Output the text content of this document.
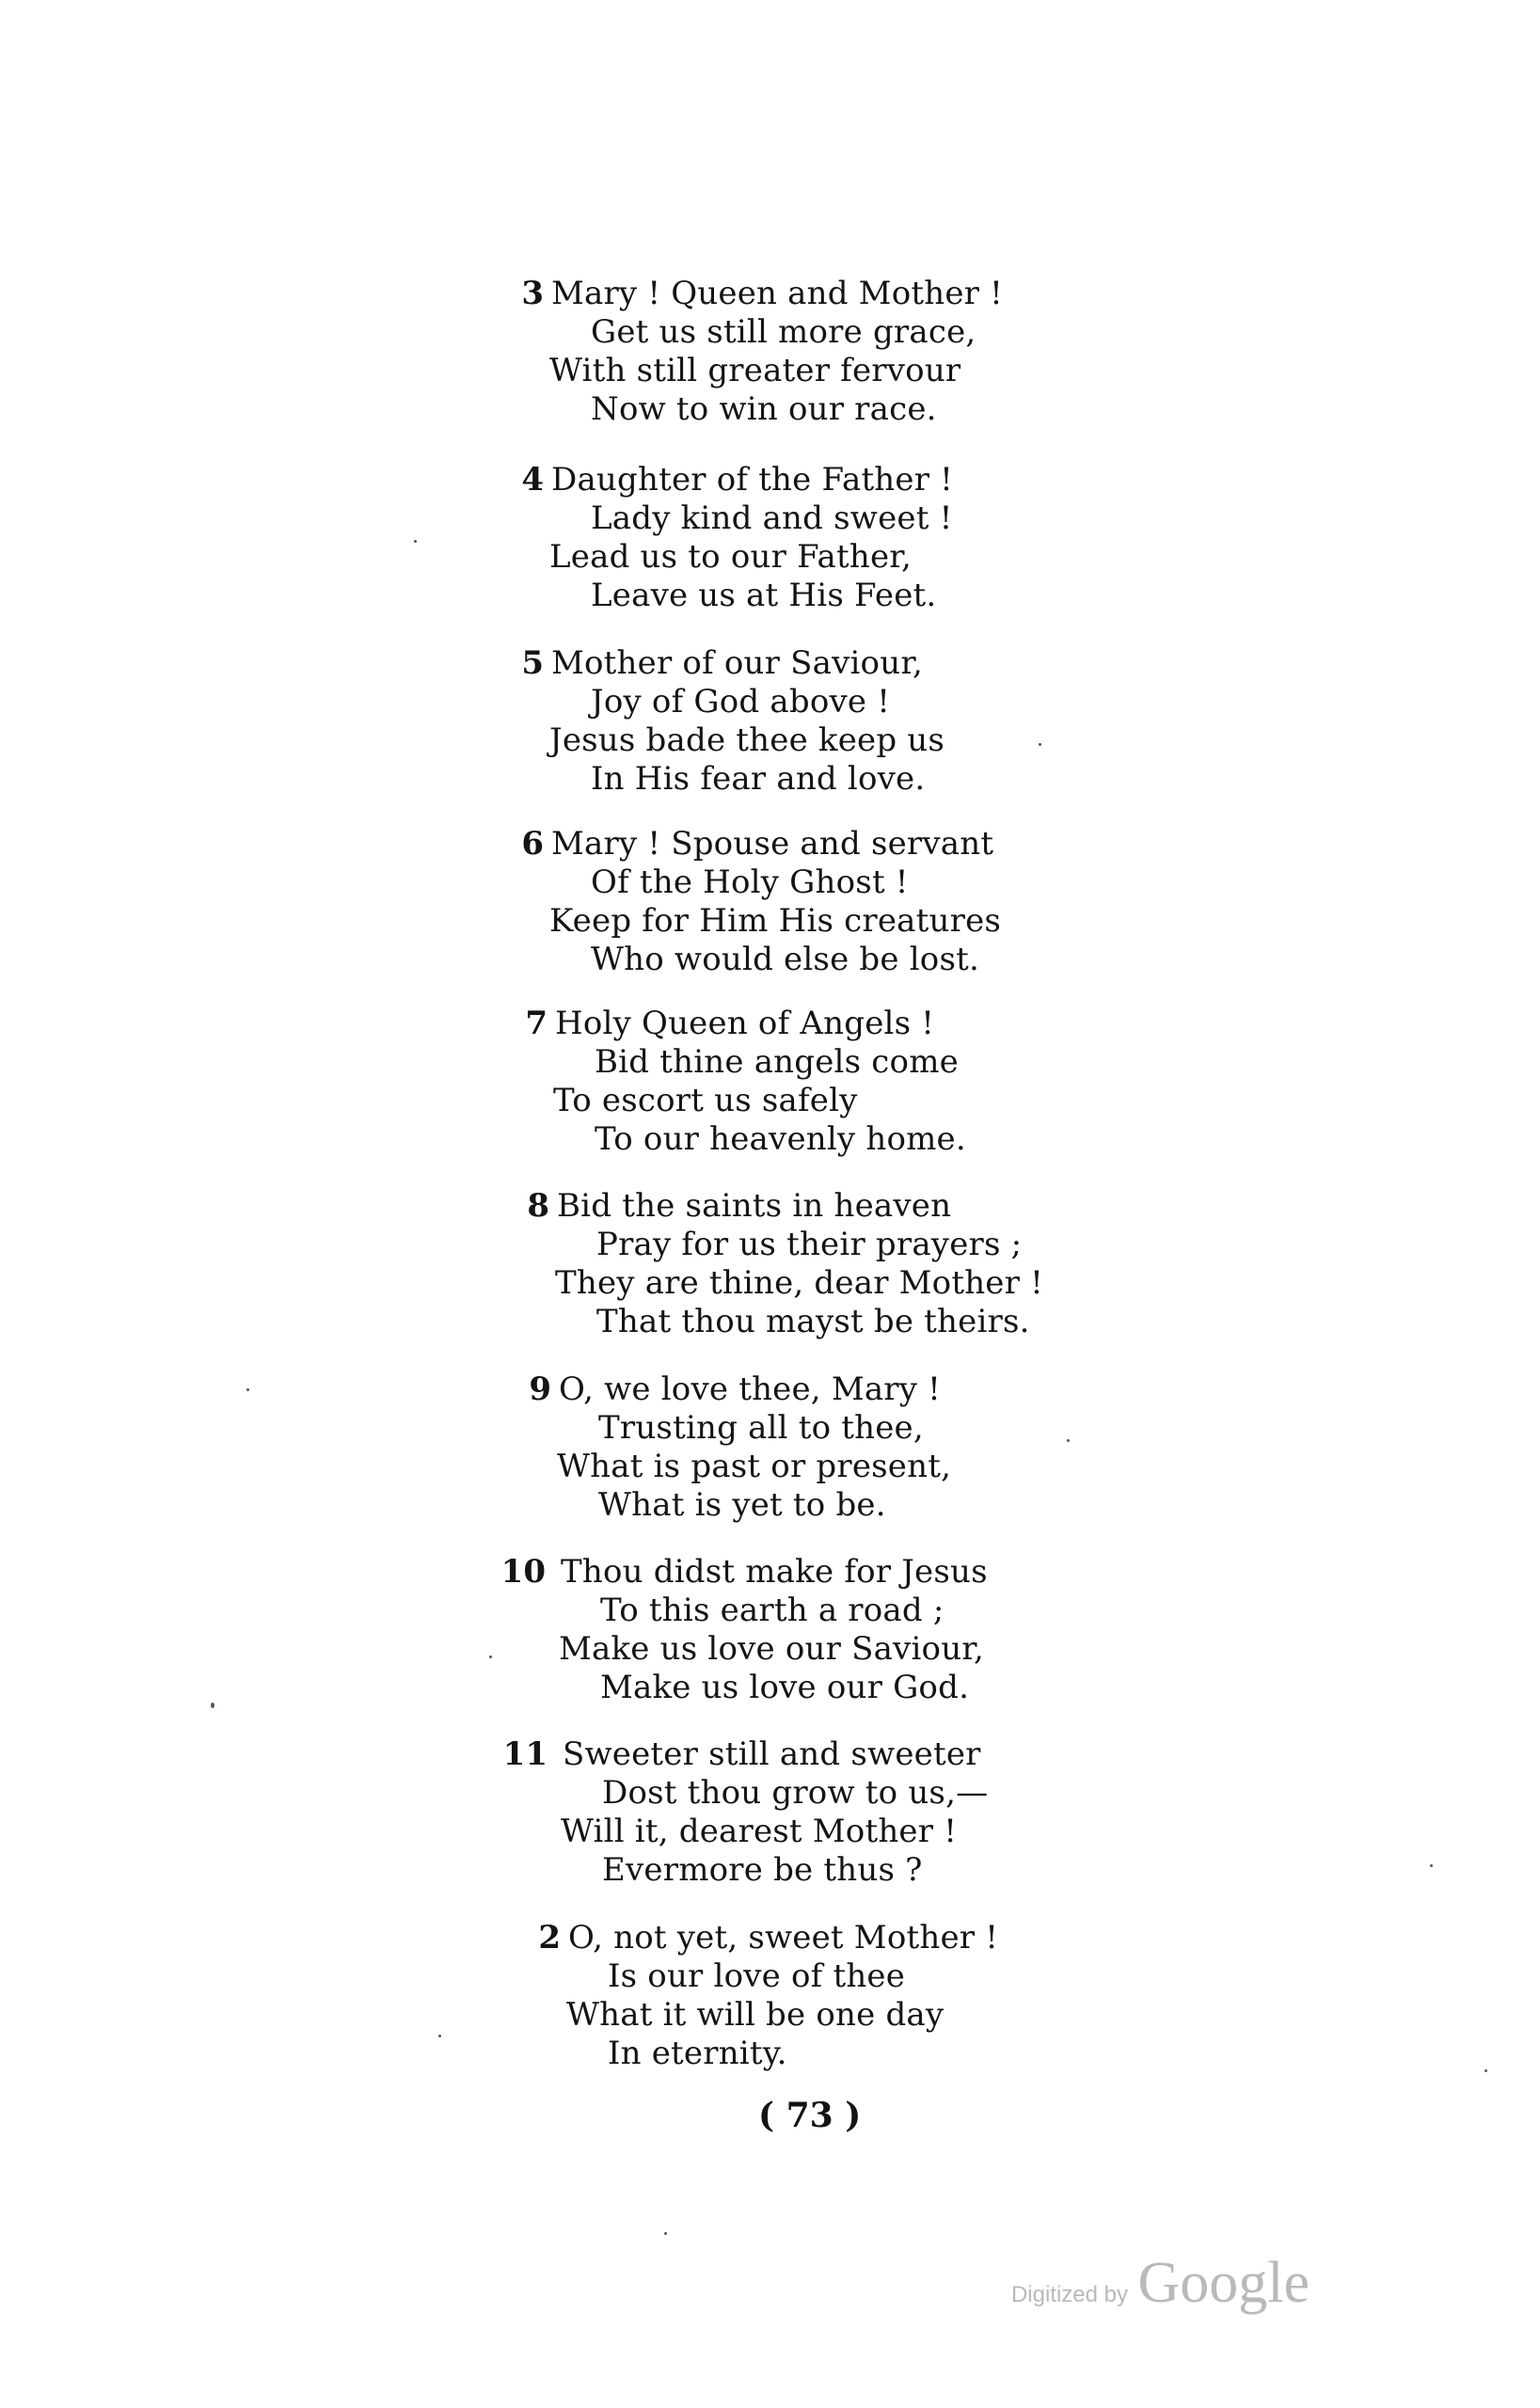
3 Mary ! Queen and Mother !
Get us still more grace,
With still greater fervour
Now to win our race.
4 Daughter of the Father !
Lady kind and sweet !
Lead us to our Father,
Leave us at His Feet.
5 Mother of our Saviour,
Joy of God above !
Jesus bade thee keep us
In His fear and love.
6 Mary ! Spouse and servant
Of the Holy Ghost !
Keep for Him His creatures
Who would else be lost.
7 Holy Queen of Angels !
Bid thine angels come
To escort us safely
To our heavenly home.
8 Bid the saints in heaven
Pray for us their prayers ;
They are thine, dear Mother !
That thou mayst be theirs.
9 O, we love thee, Mary !
Trusting all to thee,
What is past or present,
What is yet to be.
10 Thou didst make for Jesus
To this earth a road ;
Make us love our Saviour,
Make us love our God.
11 Sweeter still and sweeter
Dost thou grow to us,—
Will it, dearest Mother !
Evermore be thus ?
2 O, not yet, sweet Mother !
Is our love of thee
What it will be one day
In eternity.
( 73 )
Digitized by Google
